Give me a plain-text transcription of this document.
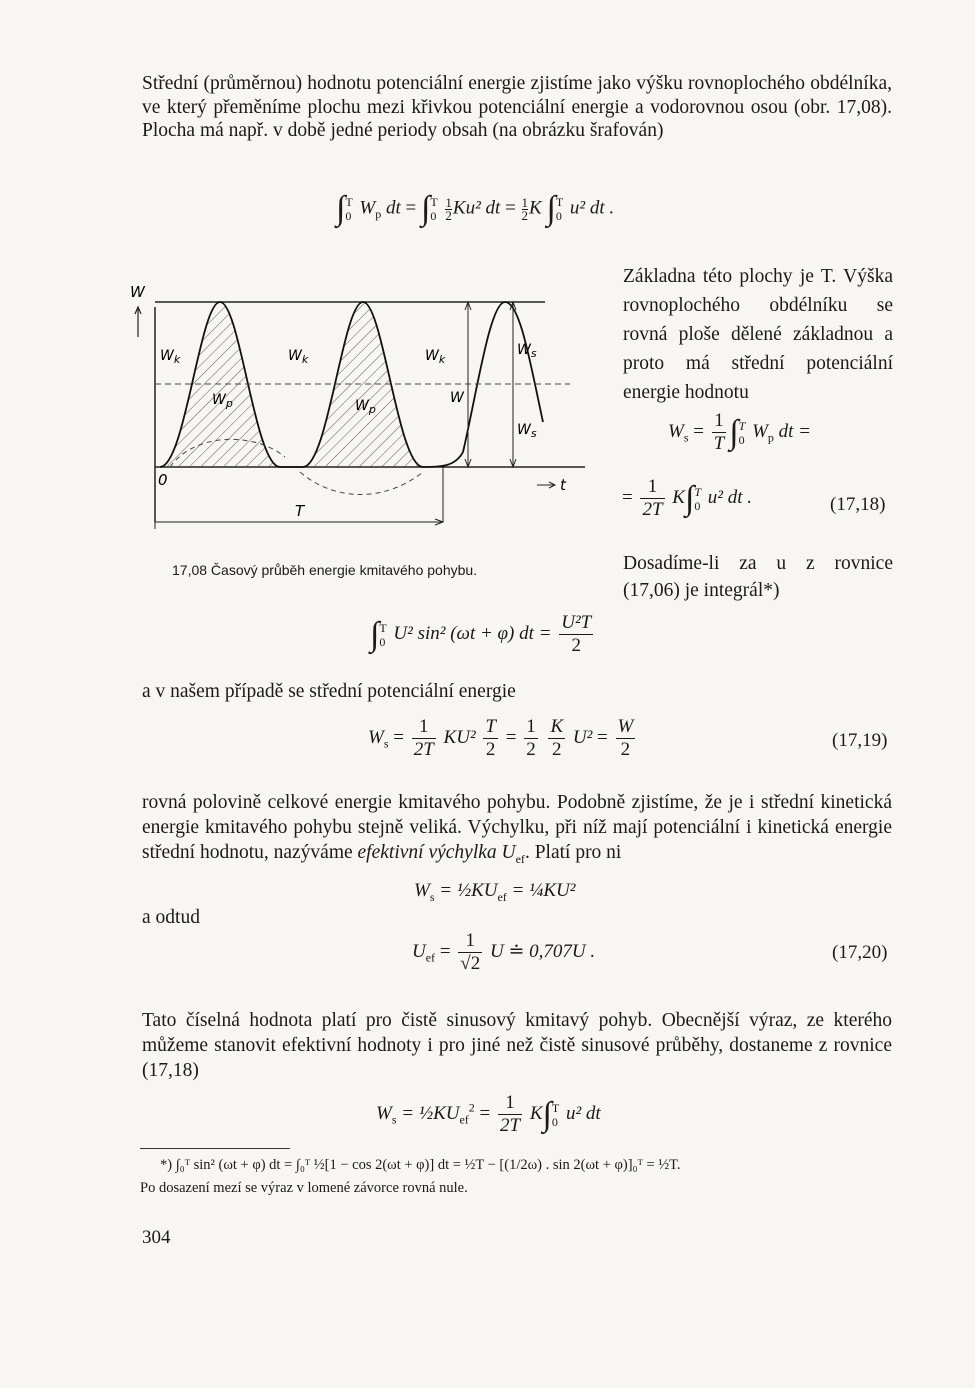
Střední (průměrnou) hodnotu potenciální energie zjistíme jako výšku rovnoplochého obdélníka, ve který přeměníme plochu mezi křivkou potenciální energie a vodorovnou osou (obr. 17,08). Plocha má např. v době jedné periody obsah (na obrázku šrafován)
∫ T
0 $W_p$ dt = ∫ T
0
$\frac{1}{2} Ku^2$ dt = $\frac{1}{2}$ K ∫ T
0 u² dt .
W
$W_k$	$W_k$	$W_k$
$W_p$	$W_p$
$W_s$
$W_s$
W
0	t
T
Základna této plochy je T. Výška rovnoplochého obdélníku se rovná ploše dělené základnou a proto má střední potenciální energie hodnotu
$W_s = \frac{1}{T}$ ∫ T
0 $W_p$ dt =
= $\frac{1}{2T} K\int$ T
0 u² dt .	(17,18)
17,08 Časový průběh energie kmitavého pohybu.	Dosadíme-li za u z rovnice (17,06) je integrál*)
∫ T
0 U² sin² (ωt + φ) dt = $\frac{\text{U²T}}{2}$
a v našem případě se střední potenciální energie
$W_s = \frac{1}{2T} KU^2 \frac{T}{2} = \frac{1}{2}$
$\frac{K}{2} U^2 = \frac{W}{2}$	(17,19)
rovná polovině celkové energie kmitavého pohybu. Podobně zjistíme, že je i střední kinetická energie kmitavého pohybu stejně veliká. Výchylku, při níž mají potenciální i kinetická energie střední hodnotu, nazýváme efektivní výchylka $U_{ef}$. Platí pro ni
$W_s$ = $\frac{1}{2}KU_{ef}$ = ¼KU²
a odtud
$U_{ef} = \frac{1}{√2}$ U ≐ 0,707U .	(17,20)
Tato číselná hodnota platí pro čistě sinusový kmitavý pohyb. Obecnější výraz, ze kterého můžeme stanovit efektivní hodnoty i pro jiné než čistě sinusové průběhy, dostaneme z rovnice (17,18)
$W_s$ = $\frac{1}{2}KU_{ef}^2 = \frac{1}{2T} K\int$ T
0 u² dt
*) ∫₀ᵀ sin² (ωt + φ) dt = ∫₀ᵀ ½[1 − cos 2(ωt + φ)] dt = ½T − [(1/2ω) . sin 2(ωt + φ)]₀ᵀ = ½T.
Po dosazení mezí se výraz v lomené závorce rovná nule.
304
